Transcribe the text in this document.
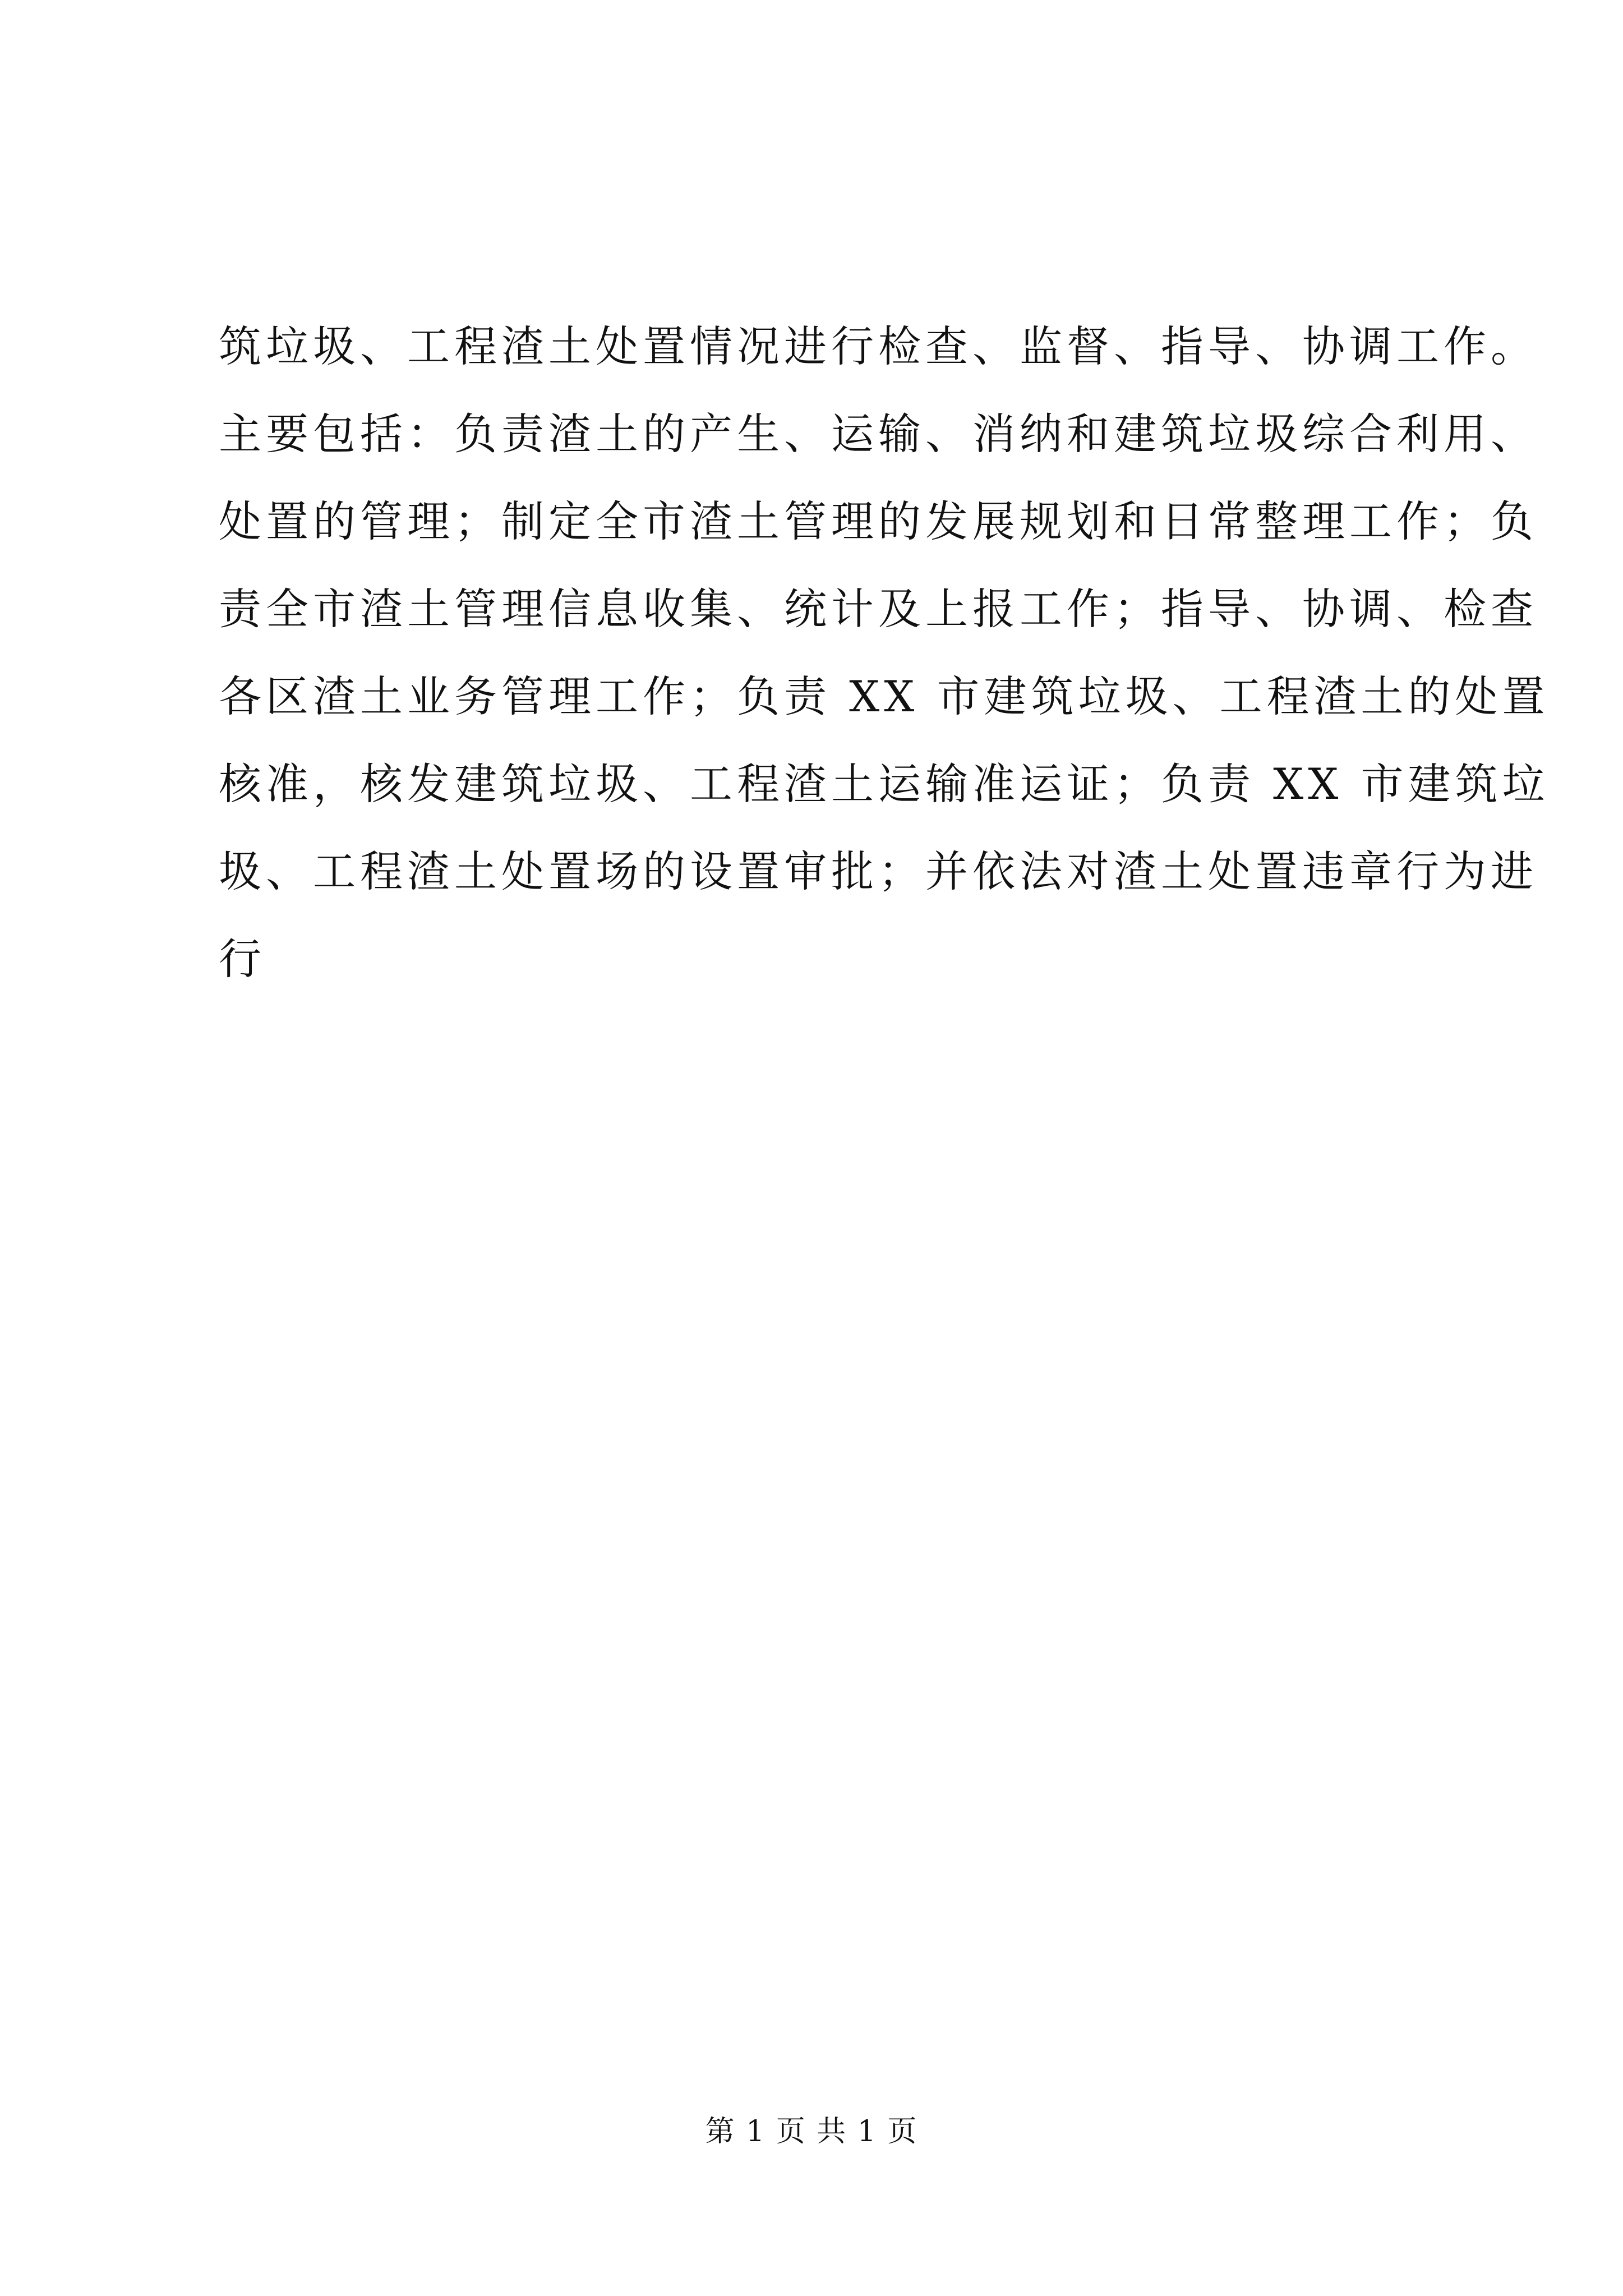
筑垃圾、工程渣土处置情况进行检查、监督、指导、协调工作。
主要包括：负责渣土的产生、运输、消纳和建筑垃圾综合利用、
处置的管理；制定全市渣土管理的发展规划和日常整理工作；负
责全市渣土管理信息收集、统计及上报工作；指导、协调、检查
各区渣土业务管理工作；负责 XX 市建筑垃圾、工程渣土的处置
核准，核发建筑垃圾、工程渣土运输准运证；负责 XX 市建筑垃
圾、工程渣土处置场的设置审批；并依法对渣土处置违章行为进
行
第 1 页 共 1 页
